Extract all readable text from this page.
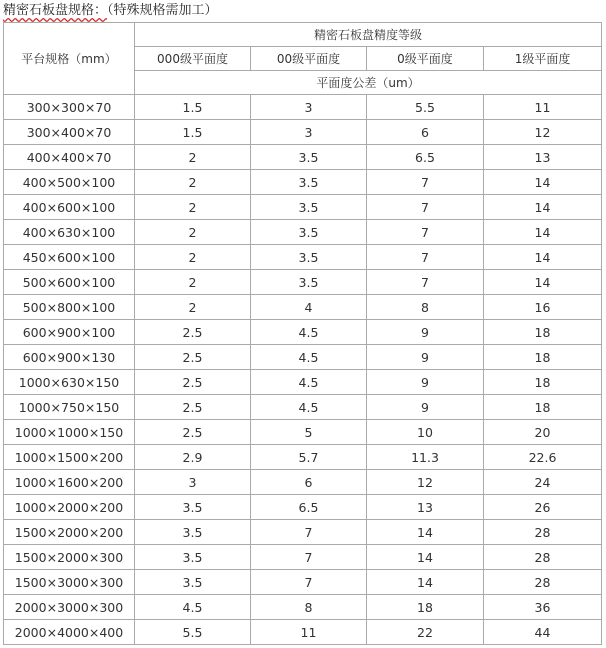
精密石板盘规格：（特殊规格需加工）
平台规格（mm）	精密石板盘精度等级			
	000级平面度	00级平面度	0级平面度	1级平面度
	平面度公差（um）			
300×300×70	1.5	3	5.5	11
300×400×70	1.5	3	6	12
400×400×70	2	3.5	6.5	13
400×500×100	2	3.5	7	14
400×600×100	2	3.5	7	14
400×630×100	2	3.5	7	14
450×600×100	2	3.5	7	14
500×600×100	2	3.5	7	14
500×800×100	2	4	8	16
600×900×100	2.5	4.5	9	18
600×900×130	2.5	4.5	9	18
1000×630×150	2.5	4.5	9	18
1000×750×150	2.5	4.5	9	18
1000×1000×150	2.5	5	10	20
1000×1500×200	2.9	5.7	11.3	22.6
1000×1600×200	3	6	12	24
1000×2000×200	3.5	6.5	13	26
1500×2000×200	3.5	7	14	28
1500×2000×300	3.5	7	14	28
1500×3000×300	3.5	7	14	28
2000×3000×300	4.5	8	18	36
2000×4000×400	5.5	11	22	44
